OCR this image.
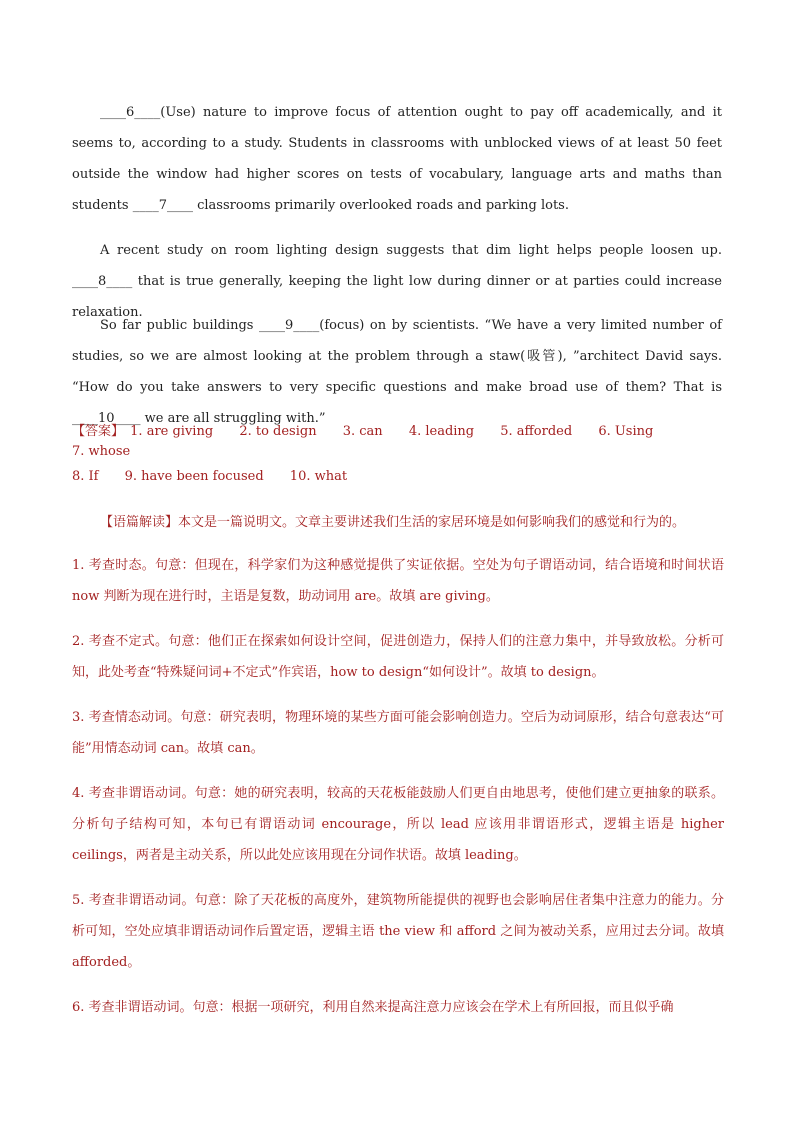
____6____(Use) nature to improve focus of attention ought to pay off academically, and it seems to, according to a study. Students in classrooms with unblocked views of at least 50 feet outside the window had higher scores on tests of vocabulary, language arts and maths than students ____7____ classrooms primarily overlooked roads and parking lots.

A recent study on room lighting design suggests that dim light helps people loosen up. ____8____ that is true generally, keeping the light low during dinner or at parties could increase relaxation.

So far public buildings ____9____(focus) on by scientists. “We have a very limited number of studies, so we are almost looking at the problem through a staw(吸管), ”architect David says. “How do you take answers to very specific questions and make broad use of them? That is ____10____ we are all struggling with.”

【答案】 1. are giving 2. to design 3. can 4. leading 5. afforded 6. Using 7. whose
8. If 9. have been focused 10. what

【语篇解读】本文是一篇说明文。文章主要讲述我们生活的家居环境是如何影响我们的感觉和行为的。

1. 考查时态。句意：但现在，科学家们为这种感觉提供了实证依据。空处为句子谓语动词，结合语境和时间状语 now 判断为现在进行时，主语是复数，助动词用 are。故填 are giving。

2. 考查不定式。句意：他们正在探索如何设计空间，促进创造力，保持人们的注意力集中，并导致放松。分析可知，此处考查“特殊疑问词+不定式”作宾语，how to design“如何设计”。故填 to design。

3. 考查情态动词。句意：研究表明，物理环境的某些方面可能会影响创造力。空后为动词原形，结合句意表达“可能”用情态动词 can。故填 can。

4. 考查非谓语动词。句意：她的研究表明，较高的天花板能鼓励人们更自由地思考，使他们建立更抽象的联系。分析句子结构可知，本句已有谓语动词 encourage，所以 lead 应该用非谓语形式，逻辑主语是 higher ceilings，两者是主动关系，所以此处应该用现在分词作状语。故填 leading。

5. 考查非谓语动词。句意：除了天花板的高度外，建筑物所能提供的视野也会影响居住者集中注意力的能力。分析可知，空处应填非谓语动词作后置定语，逻辑主语 the view 和 afford 之间为被动关系，应用过去分词。故填 afforded。

6. 考查非谓语动词。句意：根据一项研究，利用自然来提高注意力应该会在学术上有所回报，而且似乎确
